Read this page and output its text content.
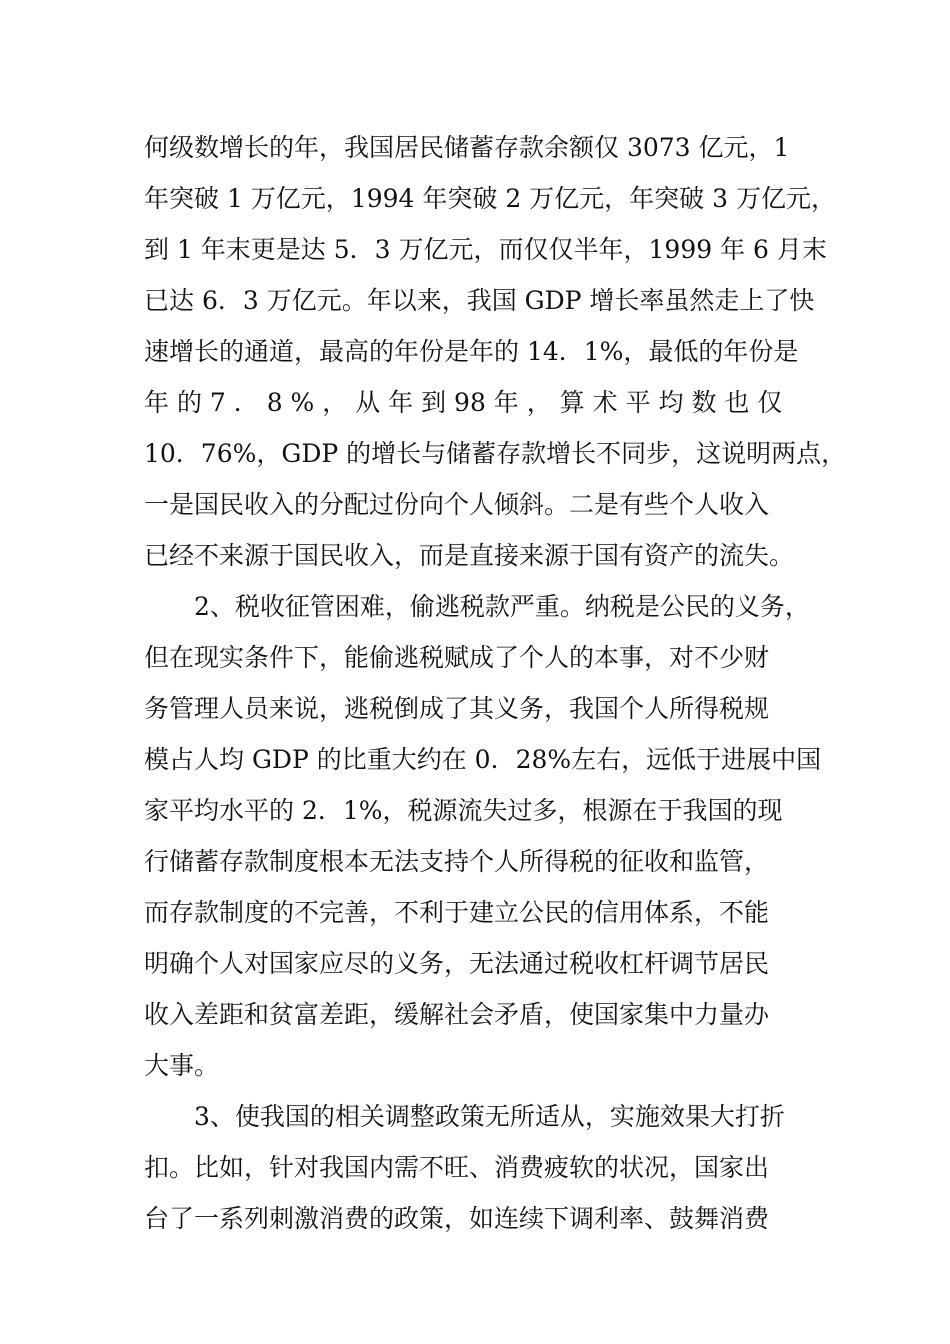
何级数增长的年，我国居民储蓄存款余额仅 3073 亿元，1
年突破 1 万亿元，1994 年突破 2 万亿元，年突破 3 万亿元，
到 1 年末更是达 5．3 万亿元，而仅仅半年，1999 年 6 月末
已达 6．3 万亿元。年以来，我国 GDP 增长率虽然走上了快
速增长的通道，最高的年份是年的 14．1%，最低的年份是
年 的 7 ． 8 % ， 从 年 到 98 年 ， 算 术 平 均 数 也 仅
10．76%，GDP 的增长与储蓄存款增长不同步，这说明两点，
一是国民收入的分配过份向个人倾斜。二是有些个人收入
已经不来源于国民收入，而是直接来源于国有资产的流失。
2、税收征管困难，偷逃税款严重。纳税是公民的义务，
但在现实条件下，能偷逃税赋成了个人的本事，对不少财
务管理人员来说，逃税倒成了其义务，我国个人所得税规
模占人均 GDP 的比重大约在 0．28%左右，远低于进展中国
家平均水平的 2．1%，税源流失过多，根源在于我国的现
行储蓄存款制度根本无法支持个人所得税的征收和监管，
而存款制度的不完善，不利于建立公民的信用体系，不能
明确个人对国家应尽的义务，无法通过税收杠杆调节居民
收入差距和贫富差距，缓解社会矛盾，使国家集中力量办
大事。
3、使我国的相关调整政策无所适从，实施效果大打折
扣。比如，针对我国内需不旺、消费疲软的状况，国家出
台了一系列刺激消费的政策，如连续下调利率、鼓舞消费
